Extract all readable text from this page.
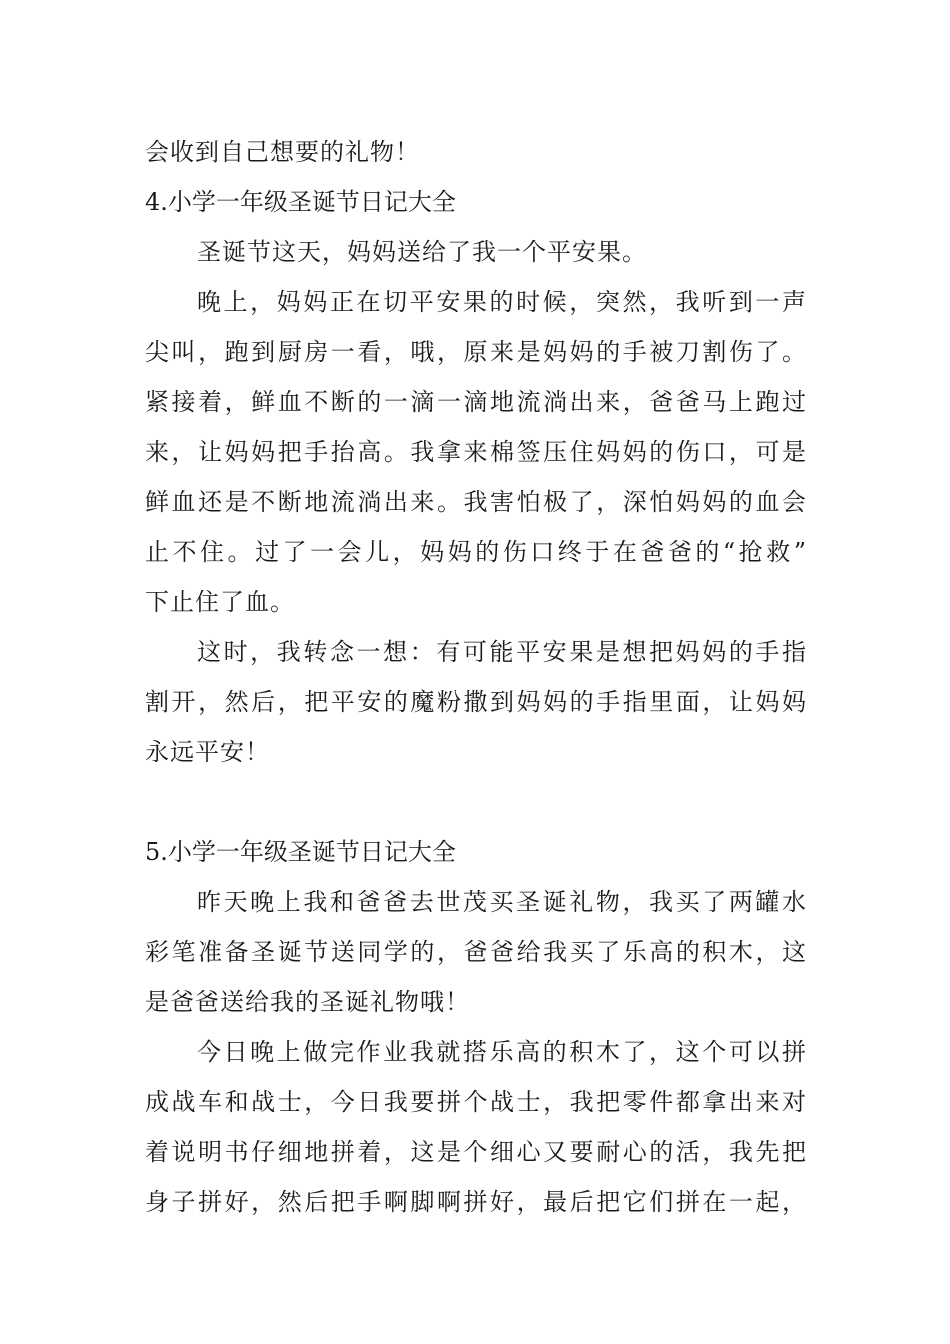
会收到自己想要的礼物！
4.小学一年级圣诞节日记大全
圣诞节这天，妈妈送给了我一个平安果。
晚上，妈妈正在切平安果的时候，突然，我听到一声
尖叫，跑到厨房一看，哦，原来是妈妈的手被刀割伤了。
紧接着，鲜血不断的一滴一滴地流淌出来，爸爸马上跑过
来，让妈妈把手抬高。我拿来棉签压住妈妈的伤口，可是
鲜血还是不断地流淌出来。我害怕极了，深怕妈妈的血会
止不住。过了一会儿，妈妈的伤口终于在爸爸的“抢救”
下止住了血。
这时，我转念一想：有可能平安果是想把妈妈的手指
割开，然后，把平安的魔粉撒到妈妈的手指里面，让妈妈
永远平安！
5.小学一年级圣诞节日记大全
昨天晚上我和爸爸去世茂买圣诞礼物，我买了两罐水
彩笔准备圣诞节送同学的，爸爸给我买了乐高的积木，这
是爸爸送给我的圣诞礼物哦！
今日晚上做完作业我就搭乐高的积木了，这个可以拼
成战车和战士，今日我要拼个战士，我把零件都拿出来对
着说明书仔细地拼着，这是个细心又要耐心的活，我先把
身子拼好，然后把手啊脚啊拼好，最后把它们拼在一起，
